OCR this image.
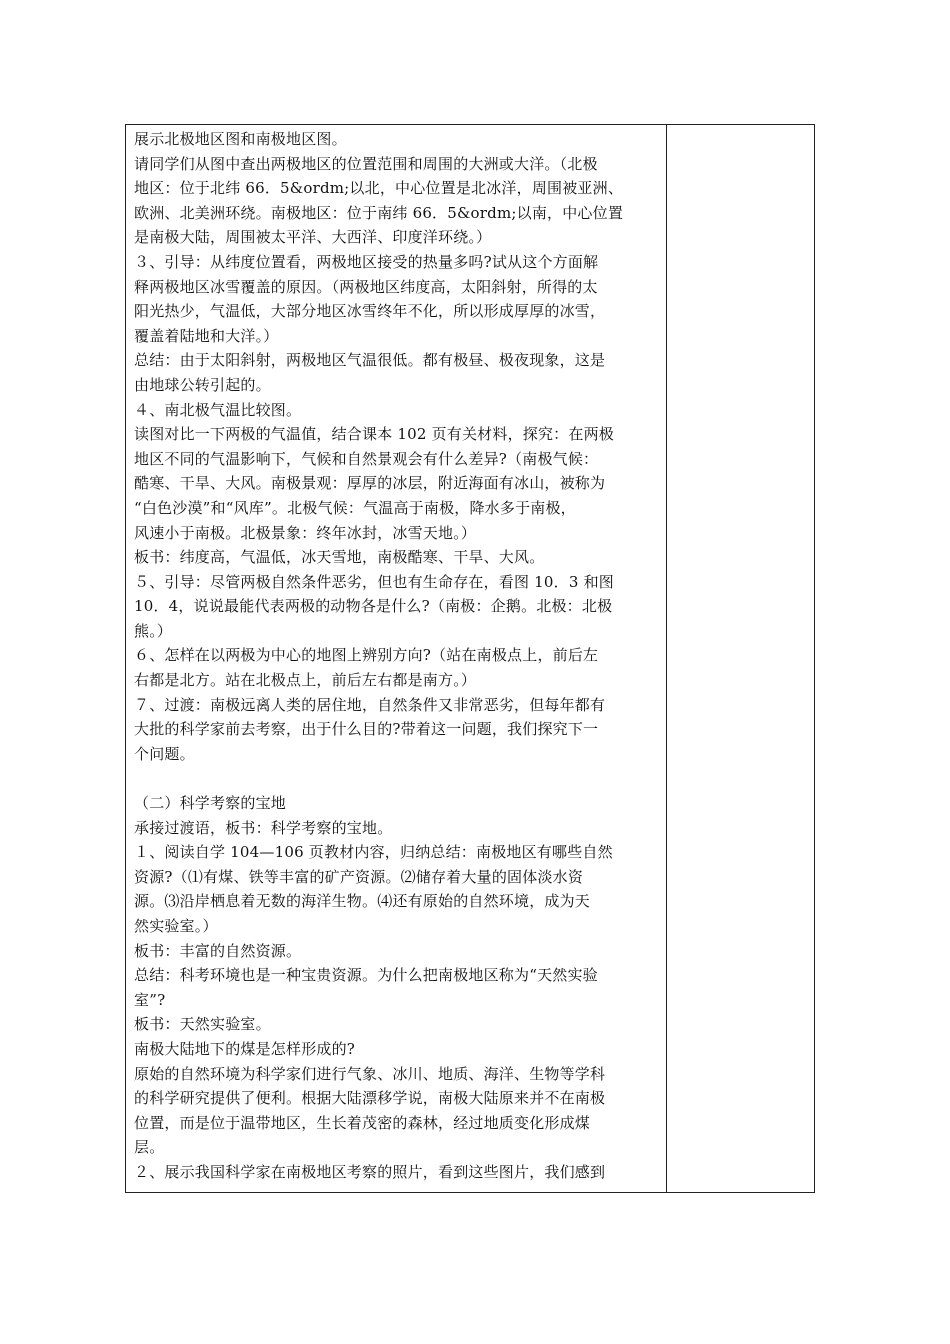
展示北极地区图和南极地区图。
请同学们从图中查出两极地区的位置范围和周围的大洲或大洋。（北极
地区：位于北纬 66．5&ordm;以北，中心位置是北冰洋，周围被亚洲、
欧洲、北美洲环绕。南极地区：位于南纬 66．5&ordm;以南，中心位置
是南极大陆，周围被太平洋、大西洋、印度洋环绕。）
３、引导：从纬度位置看，两极地区接受的热量多吗?试从这个方面解
释两极地区冰雪覆盖的原因。（两极地区纬度高，太阳斜射，所得的太
阳光热少，气温低，大部分地区冰雪终年不化，所以形成厚厚的冰雪，
覆盖着陆地和大洋。）
总结：由于太阳斜射，两极地区气温很低。都有极昼、极夜现象，这是
由地球公转引起的。
４、南北极气温比较图。
读图对比一下两极的气温值，结合课本 102 页有关材料，探究：在两极
地区不同的气温影响下，气候和自然景观会有什么差异?（南极气候：
酷寒、干旱、大风。南极景观：厚厚的冰层，附近海面有冰山，被称为
“白色沙漠”和“风库”。北极气候：气温高于南极，降水多于南极，
风速小于南极。北极景象：终年冰封，冰雪天地。）
板书：纬度高，气温低，冰天雪地，南极酷寒、干旱、大风。
５、引导：尽管两极自然条件恶劣，但也有生命存在，看图 10．3 和图
10．4，说说最能代表两极的动物各是什么?（南极：企鹅。北极：北极
熊。）
６、怎样在以两极为中心的地图上辨别方向?（站在南极点上，前后左
右都是北方。站在北极点上，前后左右都是南方。）
７、过渡：南极远离人类的居住地，自然条件又非常恶劣，但每年都有
大批的科学家前去考察，出于什么目的?带着这一问题，我们探究下一
个问题。
（二）科学考察的宝地
承接过渡语，板书：科学考察的宝地。
１、阅读自学 104—106 页教材内容，归纳总结：南极地区有哪些自然
资源?（⑴有煤、铁等丰富的矿产资源。⑵储存着大量的固体淡水资
源。⑶沿岸栖息着无数的海洋生物。⑷还有原始的自然环境，成为天
然实验室。）
板书：丰富的自然资源。
总结：科考环境也是一种宝贵资源。为什么把南极地区称为“天然实验
室”?
板书：天然实验室。
南极大陆地下的煤是怎样形成的?
原始的自然环境为科学家们进行气象、冰川、地质、海洋、生物等学科
的科学研究提供了便利。根据大陆漂移学说，南极大陆原来并不在南极
位置，而是位于温带地区，生长着茂密的森林，经过地质变化形成煤
层。
２、展示我国科学家在南极地区考察的照片，看到这些图片，我们感到
